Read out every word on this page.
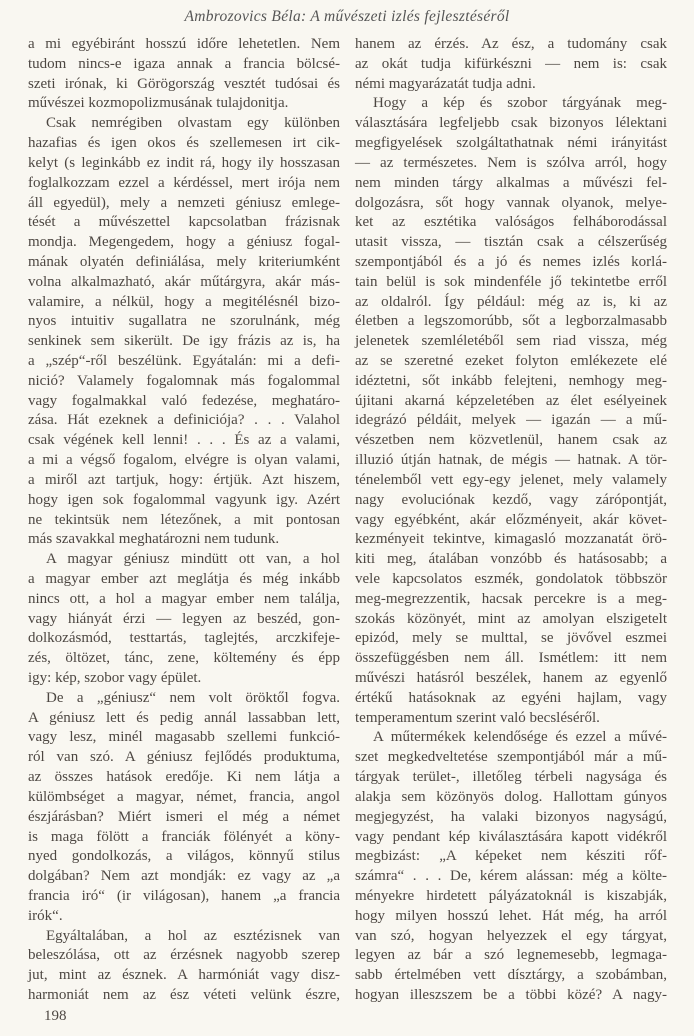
Ambrozovics Béla: A művészeti izlés fejlesztéséről
a mi egyébiránt hosszú időre lehetetlen. Nem
tudom nincs-e igaza annak a francia bölcsé-
szeti irónak, ki Görögország vesztét tudósai és
művészei kozmopolizmusának tulajdonitja.
Csak nemrégiben olvastam egy különben
hazafias és igen okos és szellemesen irt cik-
kelyt (s leginkább ez indit rá, hogy ily hosszasan
foglalkozzam ezzel a kérdéssel, mert irója nem
áll egyedül), mely a nemzeti géniusz emlege-
tését a művészettel kapcsolatban frázisnak
mondja. Megengedem, hogy a géniusz fogal-
mának olyatén definiálása, mely kriteriumként
volna alkalmazható, akár műtárgyra, akár más-
valamire, a nélkül, hogy a megitélésnél bizo-
nyos intuitiv sugallatra ne szorulnánk, még
senkinek sem sikerült. De igy frázis az is, ha
a „szép“-ről beszélünk. Egyátalán: mi a defi-
nició? Valamely fogalomnak más fogalommal
vagy fogalmakkal való fedezése, meghatáro-
zása. Hát ezeknek a definiciója? . . . Valahol
csak végének kell lenni! . . . És az a valami,
a mi a végső fogalom, elvégre is olyan valami,
a miről azt tartjuk, hogy: értjük. Azt hiszem,
hogy igen sok fogalommal vagyunk igy. Azért
ne tekintsük nem létezőnek, a mit pontosan
más szavakkal meghatározni nem tudunk.
A magyar géniusz mindütt ott van, a hol
a magyar ember azt meglátja és még inkább
nincs ott, a hol a magyar ember nem találja,
vagy hiányát érzi — legyen az beszéd, gon-
dolkozásmód, testtartás, taglejtés, arczkifeje-
zés, öltözet, tánc, zene, költemény és épp
igy: kép, szobor vagy épület.
De a „géniusz“ nem volt öröktől fogva.
A géniusz lett és pedig annál lassabban lett,
vagy lesz, minél magasabb szellemi funkció-
ról van szó. A géniusz fejlődés produktuma,
az összes hatások eredője. Ki nem látja a
külömbséget a magyar, német, francia, angol
észjárásban? Miért ismeri el még a német
is maga fölött a franciák fölényét a köny-
nyed gondolkozás, a világos, könnyű stilus
dolgában? Nem azt mondják: ez vagy az „a
francia iró“ (ir világosan), hanem „a francia
irók“.
Egyáltalában, a hol az esztézisnek van
beleszólása, ott az érzésnek nagyobb szerep
jut, mint az észnek. A harmóniát vagy disz-
harmoniát nem az ész véteti velünk észre,
hanem az érzés. Az ész, a tudomány csak
az okát tudja kifürkészni — nem is: csak
némi magyarázatát tudja adni.
Hogy a kép és szobor tárgyának meg-
választására legfeljebb csak bizonyos lélektani
megfigyelések szolgáltathatnak némi irányitást
— az természetes. Nem is szólva arról, hogy
nem minden tárgy alkalmas a művészi fel-
dolgozásra, sőt hogy vannak olyanok, melye-
ket az esztétika valóságos felháborodással
utasit vissza, — tisztán csak a célszerűség
szempontjából és a jó és nemes izlés korlá-
tain belül is sok mindenféle jő tekintetbe erről
az oldalról. Így például: még az is, ki az
életben a legszomorúbb, sőt a legborzalmasabb
jelenetek szemléletéből sem riad vissza, még
az se szeretné ezeket folyton emlékezete elé
idéztetni, sőt inkább felejteni, nemhogy meg-
újitani akarná képzeletében az élet esélyeinek
idegrázó példáit, melyek — igazán — a mű-
vészetben nem közvetlenül, hanem csak az
illuzió útján hatnak, de mégis — hatnak. A tör-
ténelemből vett egy-egy jelenet, mely valamely
nagy evoluciónak kezdő, vagy zárópontját,
vagy egyébként, akár előzményeit, akár követ-
kezményeit tekintve, kimagasló mozzanatát örö-
kiti meg, átalában vonzóbb és hatásosabb; a
vele kapcsolatos eszmék, gondolatok többször
meg-megrezzentik, hacsak percekre is a meg-
szokás közönyét, mint az amolyan elszigetelt
epizód, mely se multtal, se jövővel eszmei
összefüggésben nem áll. Ismétlem: itt nem
művészi hatásról beszélek, hanem az egyenlő
értékű hatásoknak az egyéni hajlam, vagy
temperamentum szerint való becsléséről.
A műtermékek kelendősége és ezzel a művé-
szet megkedveltetése szempontjából már a mű-
tárgyak terület-, illetőleg térbeli nagysága és
alakja sem közönyös dolog. Hallottam gúnyos
megjegyzést, ha valaki bizonyos nagyságú,
vagy pendant kép kiválasztására kapott vidékről
megbizást: „A képeket nem késziti rőf-
számra“ . . . De, kérem alássan: még a költe-
ményekre hirdetett pályázatoknál is kiszabják,
hogy milyen hosszú lehet. Hát még, ha arról
van szó, hogyan helyezzek el egy tárgyat,
legyen az bár a szó legnemesebb, legmaga-
sabb értelmében vett dísztárgy, a szobámban,
hogyan illeszszem be a többi közé? A nagy-
198
